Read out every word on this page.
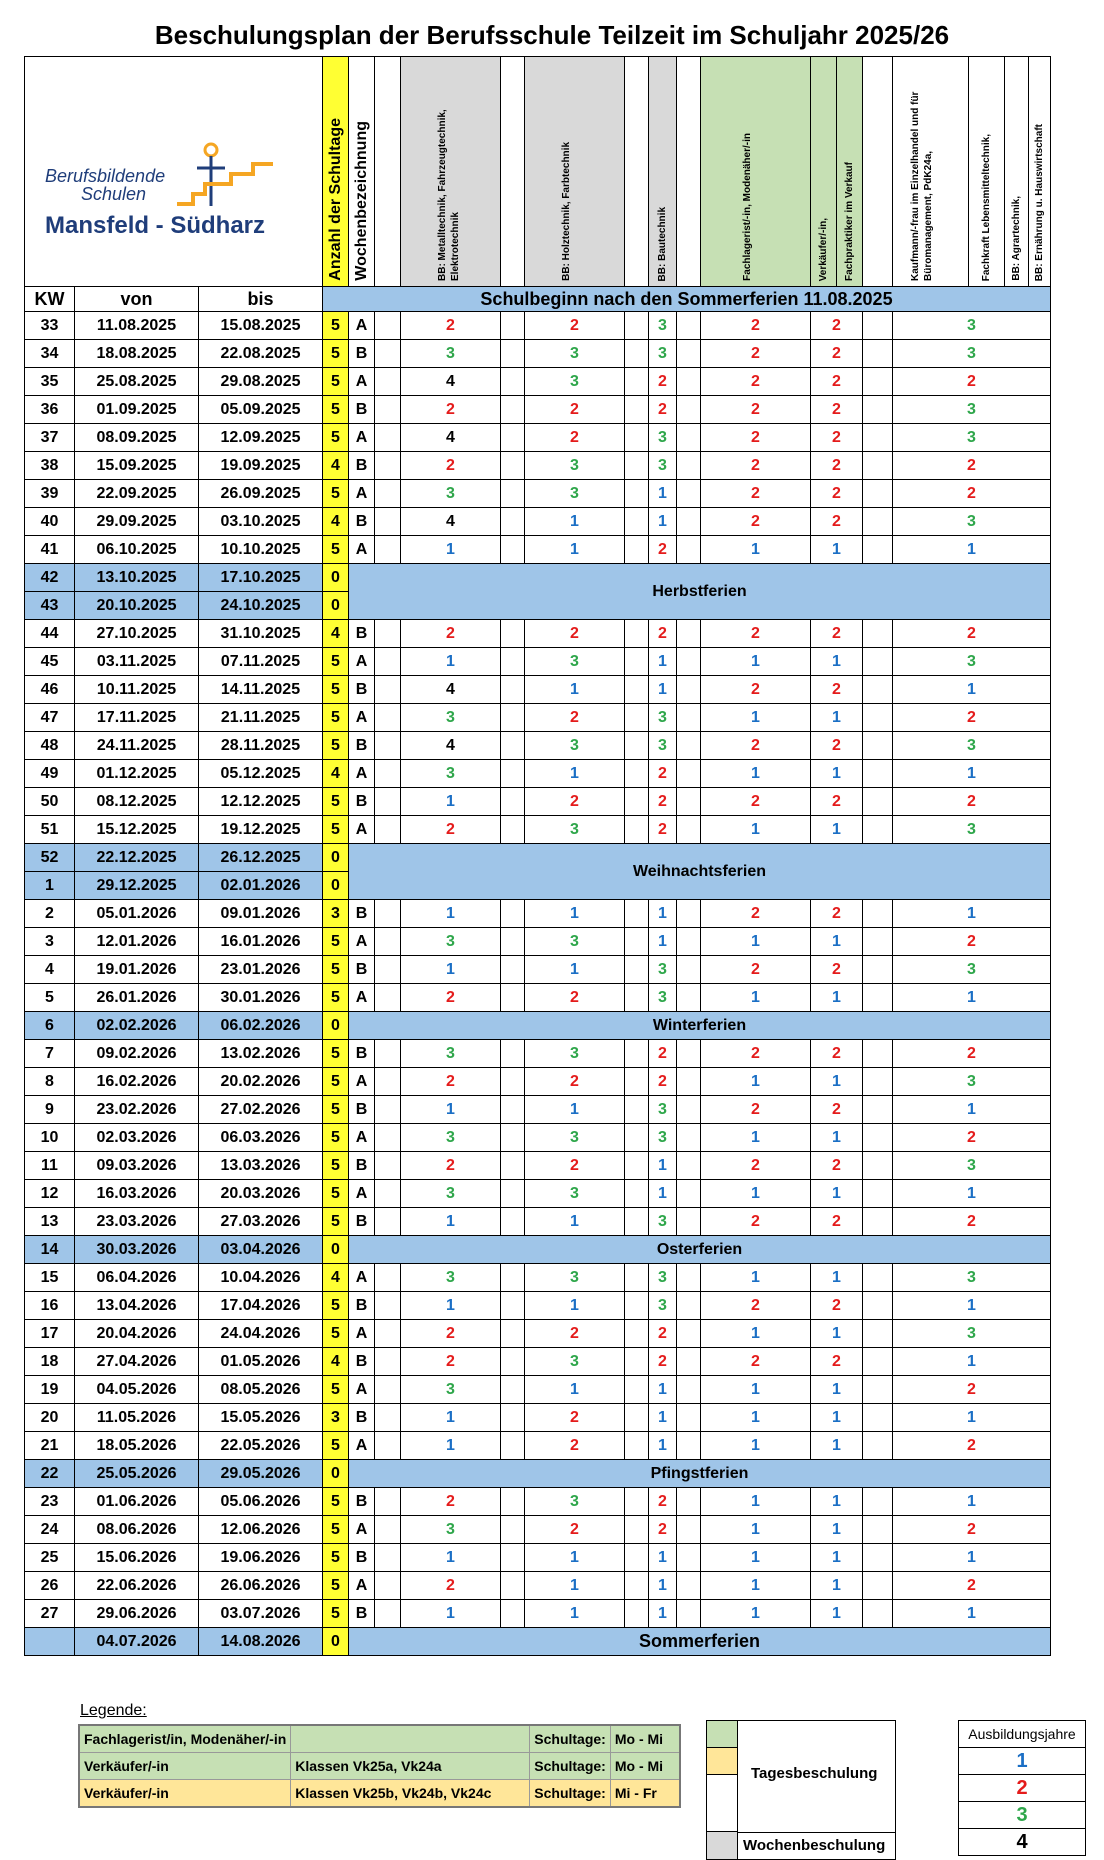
Beschulungsplan der Berufsschule Teilzeit im Schuljahr 2025/26
Berufsbildende
Schulen
Mansfeld - Südharz			Anzahl der Schultage	Wochenbezeichnung		BB: Metalltechnik, Fahrzeugtechnik, Elektrotechnik		BB: Holztechnik, Farbtechnik		BB: Bautechnik		Fachlagerist/-in, Modenäher/-in	Verkäufer/-in,	Fachpraktiker im Verkauf		Kaufmann/-frau im Einzelhandel und für Büromanagement, PdK24a,	Fachkraft Lebensmitteltechnik,	BB: Agrartechnik,	BB: Ernährung u. Hauswirtschaft
KW	von	bis	Schulbeginn nach den Sommerferien 11.08.2025																
33	11.08.2025	15.08.2025	5	A		2		2		3		2	2			3			
34	18.08.2025	22.08.2025	5	B		3		3		3		2	2			3			
35	25.08.2025	29.08.2025	5	A		4		3		2		2	2			2			
36	01.09.2025	05.09.2025	5	B		2		2		2		2	2			3			
37	08.09.2025	12.09.2025	5	A		4		2		3		2	2			3			
38	15.09.2025	19.09.2025	4	B		2		3		3		2	2			2			
39	22.09.2025	26.09.2025	5	A		3		3		1		2	2			2			
40	29.09.2025	03.10.2025	4	B		4		1		1		2	2			3			
41	06.10.2025	10.10.2025	5	A		1		1		2		1	1			1			
42	13.10.2025	17.10.2025	0	Herbstferien															
43	20.10.2025	24.10.2025	0																
44	27.10.2025	31.10.2025	4	B		2		2		2		2	2			2			
45	03.11.2025	07.11.2025	5	A		1		3		1		1	1			3			
46	10.11.2025	14.11.2025	5	B		4		1		1		2	2			1			
47	17.11.2025	21.11.2025	5	A		3		2		3		1	1			2			
48	24.11.2025	28.11.2025	5	B		4		3		3		2	2			3			
49	01.12.2025	05.12.2025	4	A		3		1		2		1	1			1			
50	08.12.2025	12.12.2025	5	B		1		2		2		2	2			2			
51	15.12.2025	19.12.2025	5	A		2		3		2		1	1			3			
52	22.12.2025	26.12.2025	0	Weihnachtsferien															
1	29.12.2025	02.01.2026	0																
2	05.01.2026	09.01.2026	3	B		1		1		1		2	2			1			
3	12.01.2026	16.01.2026	5	A		3		3		1		1	1			2			
4	19.01.2026	23.01.2026	5	B		1		1		3		2	2			3			
5	26.01.2026	30.01.2026	5	A		2		2		3		1	1			1			
6	02.02.2026	06.02.2026	0	Winterferien															
7	09.02.2026	13.02.2026	5	B		3		3		2		2	2			2			
8	16.02.2026	20.02.2026	5	A		2		2		2		1	1			3			
9	23.02.2026	27.02.2026	5	B		1		1		3		2	2			1			
10	02.03.2026	06.03.2026	5	A		3		3		3		1	1			2			
11	09.03.2026	13.03.2026	5	B		2		2		1		2	2			3			
12	16.03.2026	20.03.2026	5	A		3		3		1		1	1			1			
13	23.03.2026	27.03.2026	5	B		1		1		3		2	2			2			
14	30.03.2026	03.04.2026	0	Osterferien															
15	06.04.2026	10.04.2026	4	A		3		3		3		1	1			3			
16	13.04.2026	17.04.2026	5	B		1		1		3		2	2			1			
17	20.04.2026	24.04.2026	5	A		2		2		2		1	1			3			
18	27.04.2026	01.05.2026	4	B		2		3		2		2	2			1			
19	04.05.2026	08.05.2026	5	A		3		1		1		1	1			2			
20	11.05.2026	15.05.2026	3	B		1		2		1		1	1			1			
21	18.05.2026	22.05.2026	5	A		1		2		1		1	1			2			
22	25.05.2026	29.05.2026	0	Pfingstferien															
23	01.06.2026	05.06.2026	5	B		2		3		2		1	1			1			
24	08.06.2026	12.06.2026	5	A		3		2		2		1	1			2			
25	15.06.2026	19.06.2026	5	B		1		1		1		1	1			1			
26	22.06.2026	26.06.2026	5	A		2		1		1		1	1			2			
27	29.06.2026	03.07.2026	5	B		1		1		1		1	1			1			
	04.07.2026	14.08.2026	0	Sommerferien															
Legende:
Fachlagerist/in, Modenäher/-in		Schultage:	Mo - Mi
Verkäufer/-in	Klassen Vk25a, Vk24a	Schultage:	Mo - Mi
Verkäufer/-in	Klassen Vk25b, Vk24b, Vk24c	Schultage:	Mi - Fr
Tagesbeschulung
Wochenbeschulung
Ausbildungsjahre
1
2
3
4
